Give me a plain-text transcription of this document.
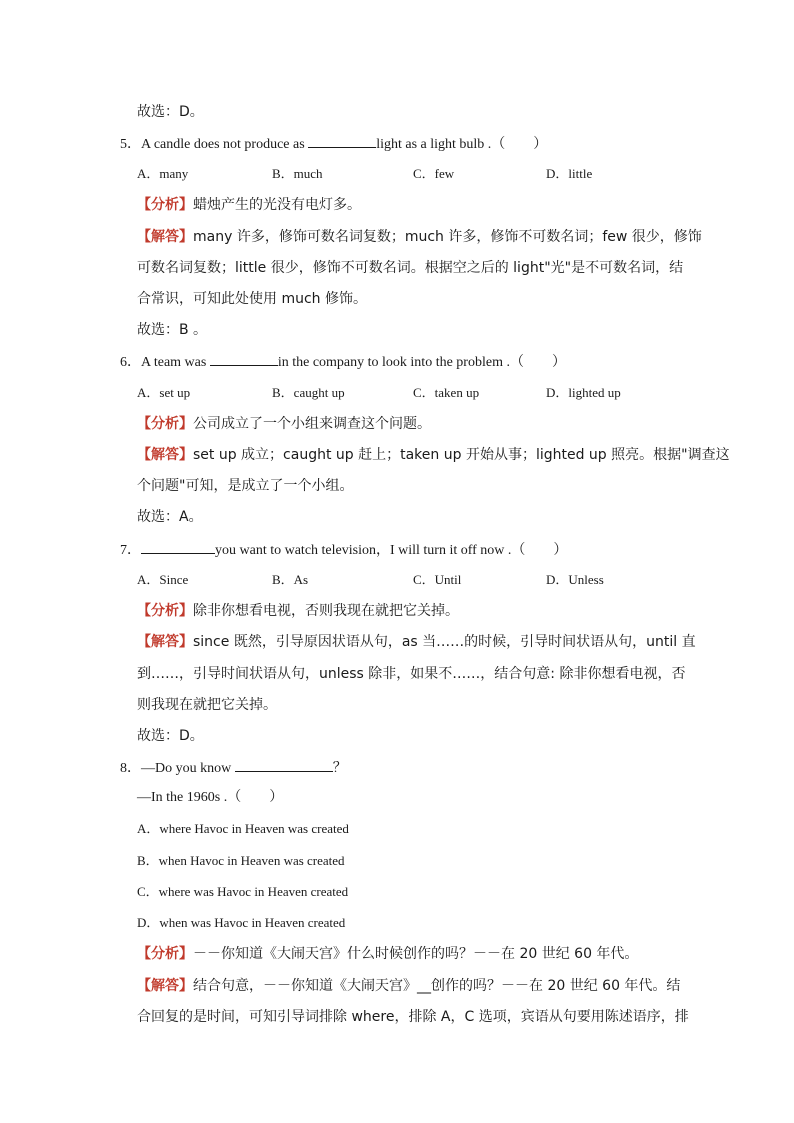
故选：D。
5．A candle does not produce as	light as a light bulb .（　　）
A．many	B．much	C．few	D．little
【分析】蜡烛产生的光没有电灯多。
【解答】many 许多，修饰可数名词复数；much 许多，修饰不可数名词；few 很少，修饰
可数名词复数；little 很少，修饰不可数名词。根据空之后的 light"光"是不可数名词，结
合常识，可知此处使用 much 修饰。
故选：B 。
6．A team was	in the company to look into the problem .（　　）
A．set up	B．caught up	C．taken up	D．lighted up
【分析】公司成立了一个小组来调查这个问题。
【解答】set up 成立；caught up 赶上；taken up 开始从事；lighted up 照亮。根据"调查这
个问题"可知，是成立了一个小组。
故选：A。
7．	you want to watch television，I will turn it off now .（　　）
A．Since	B．As	C．Until	D．Unless
【分析】除非你想看电视，否则我现在就把它关掉。
【解答】since 既然，引导原因状语从句，as 当……的时候，引导时间状语从句，until 直
到……，引导时间状语从句，unless 除非，如果不……，结合句意: 除非你想看电视，否
则我现在就把它关掉。
故选：D。
8．—Do you know	？
—In the 1960s .（　　）
A．where Havoc in Heaven was created
B．when Havoc in Heaven was created
C．where was Havoc in Heaven created
D．when was Havoc in Heaven created
【分析】－－你知道《大闹天宫》什么时候创作的吗？－－在 20 世纪 60 年代。
【解答】结合句意，－－你知道《大闹天宫》__创作的吗？－－在 20 世纪 60 年代。结
合回复的是时间，可知引导词排除 where，排除 A，C 选项，宾语从句要用陈述语序，排
